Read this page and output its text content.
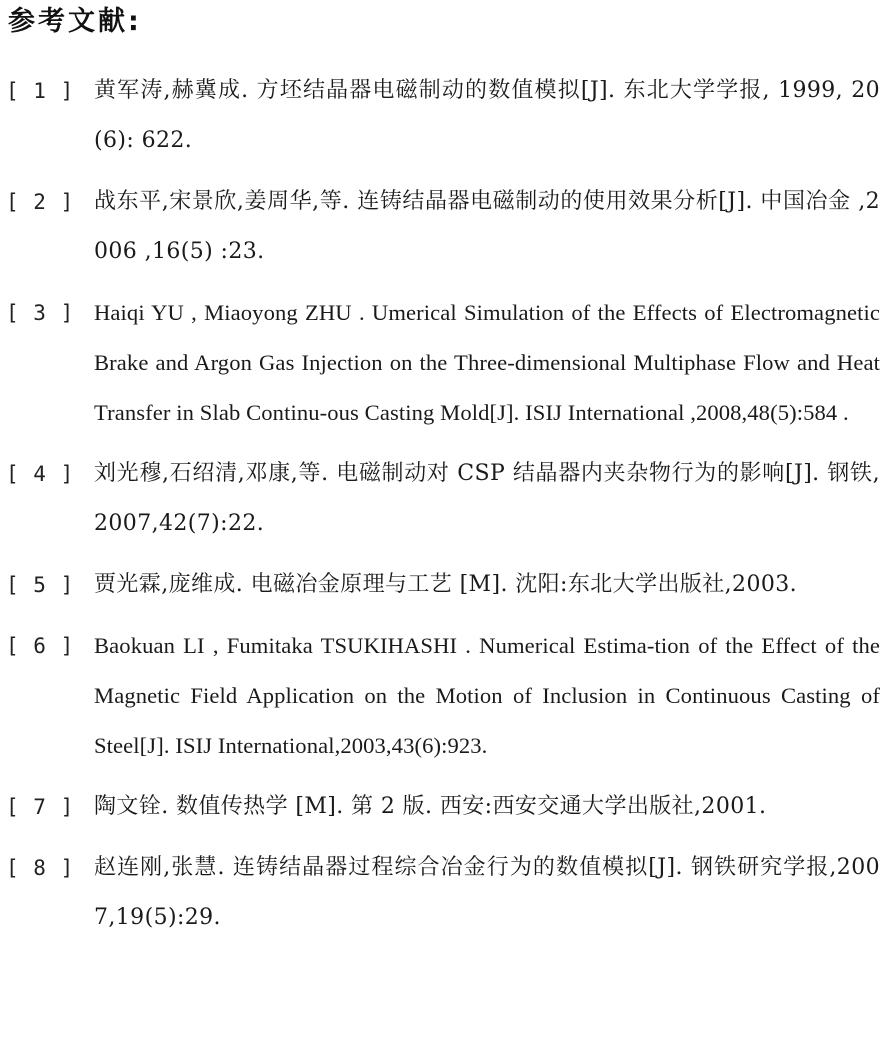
参考文献:
[ 1 ] 黄军涛,赫冀成. 方坯结晶器电磁制动的数值模拟[J]. 东北大学学报, 1999, 20(6): 622.
[ 2 ] 战东平,宋景欣,姜周华,等. 连铸结晶器电磁制动的使用效果分析[J]. 中国冶金 ,2006 ,16(5) :23.
[ 3 ] Haiqi YU , Miaoyong ZHU . Umerical Simulation of the Effects of Electromagnetic Brake and Argon Gas Injection on the Three-dimensional Multiphase Flow and Heat Transfer in Slab Continu-ous Casting Mold[J]. ISIJ International ,2008,48(5):584 .
[ 4 ] 刘光穆,石绍清,邓康,等. 电磁制动对 CSP 结晶器内夹杂物行为的影响[J]. 钢铁,2007,42(7):22.
[ 5 ] 贾光霖,庞维成. 电磁冶金原理与工艺 [M]. 沈阳:东北大学出版社,2003.
[ 6 ] Baokuan LI , Fumitaka TSUKIHASHI . Numerical Estima-tion of the Effect of the Magnetic Field Application on the Motion of Inclusion in Continuous Casting of Steel[J]. ISIJ International,2003,43(6):923.
[ 7 ] 陶文铨. 数值传热学 [M]. 第 2 版. 西安:西安交通大学出版社,2001.
[ 8 ] 赵连刚,张慧. 连铸结晶器过程综合冶金行为的数值模拟[J]. 钢铁研究学报,2007,19(5):29.
